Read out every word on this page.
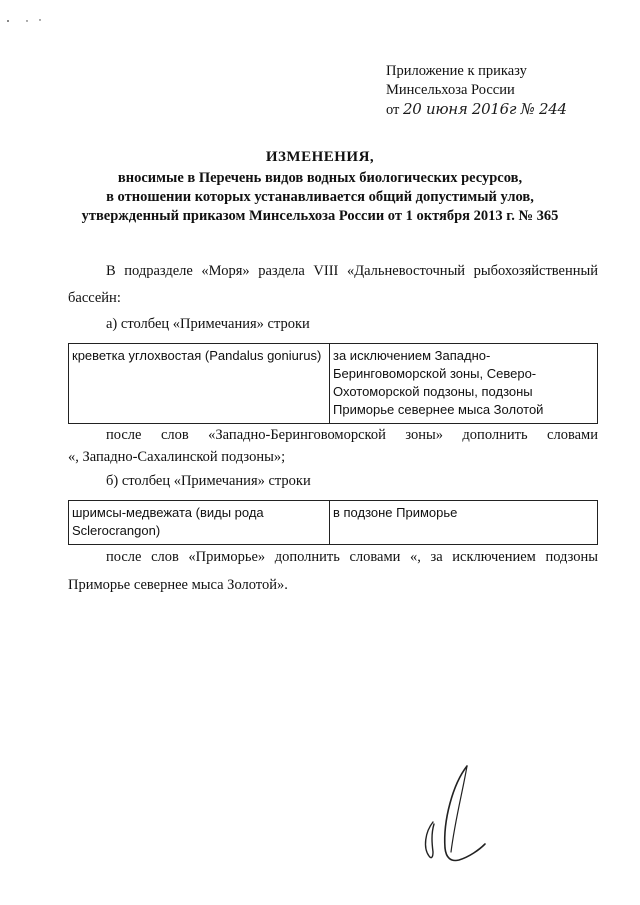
Приложение к приказу
Минсельхоза России
от 20 июня 2016г № 244
ИЗМЕНЕНИЯ,
вносимые в Перечень видов водных биологических ресурсов,
в отношении которых устанавливается общий допустимый улов,
утвержденный приказом Минсельхоза России от 1 октября 2013 г. № 365
В подразделе «Моря» раздела VIII «Дальневосточный рыбохозяйственный
бассейн:
а) столбец «Примечания» строки
креветка углохвостая (Pandalus goniurus)	за исключением Западно-Беринговоморской зоны, Северо-Охотоморской подзоны, подзоны Приморье севернее мыса Золотой
после слов «Западно-Беринговоморской зоны» дополнить словами
«, Западно-Сахалинской подзоны»;
б) столбец «Примечания» строки
шримсы-медвежата (виды рода Sclerocrangon)	в подзоне Приморье
после слов «Приморье» дополнить словами «, за исключением подзоны
Приморье севернее мыса Золотой».
